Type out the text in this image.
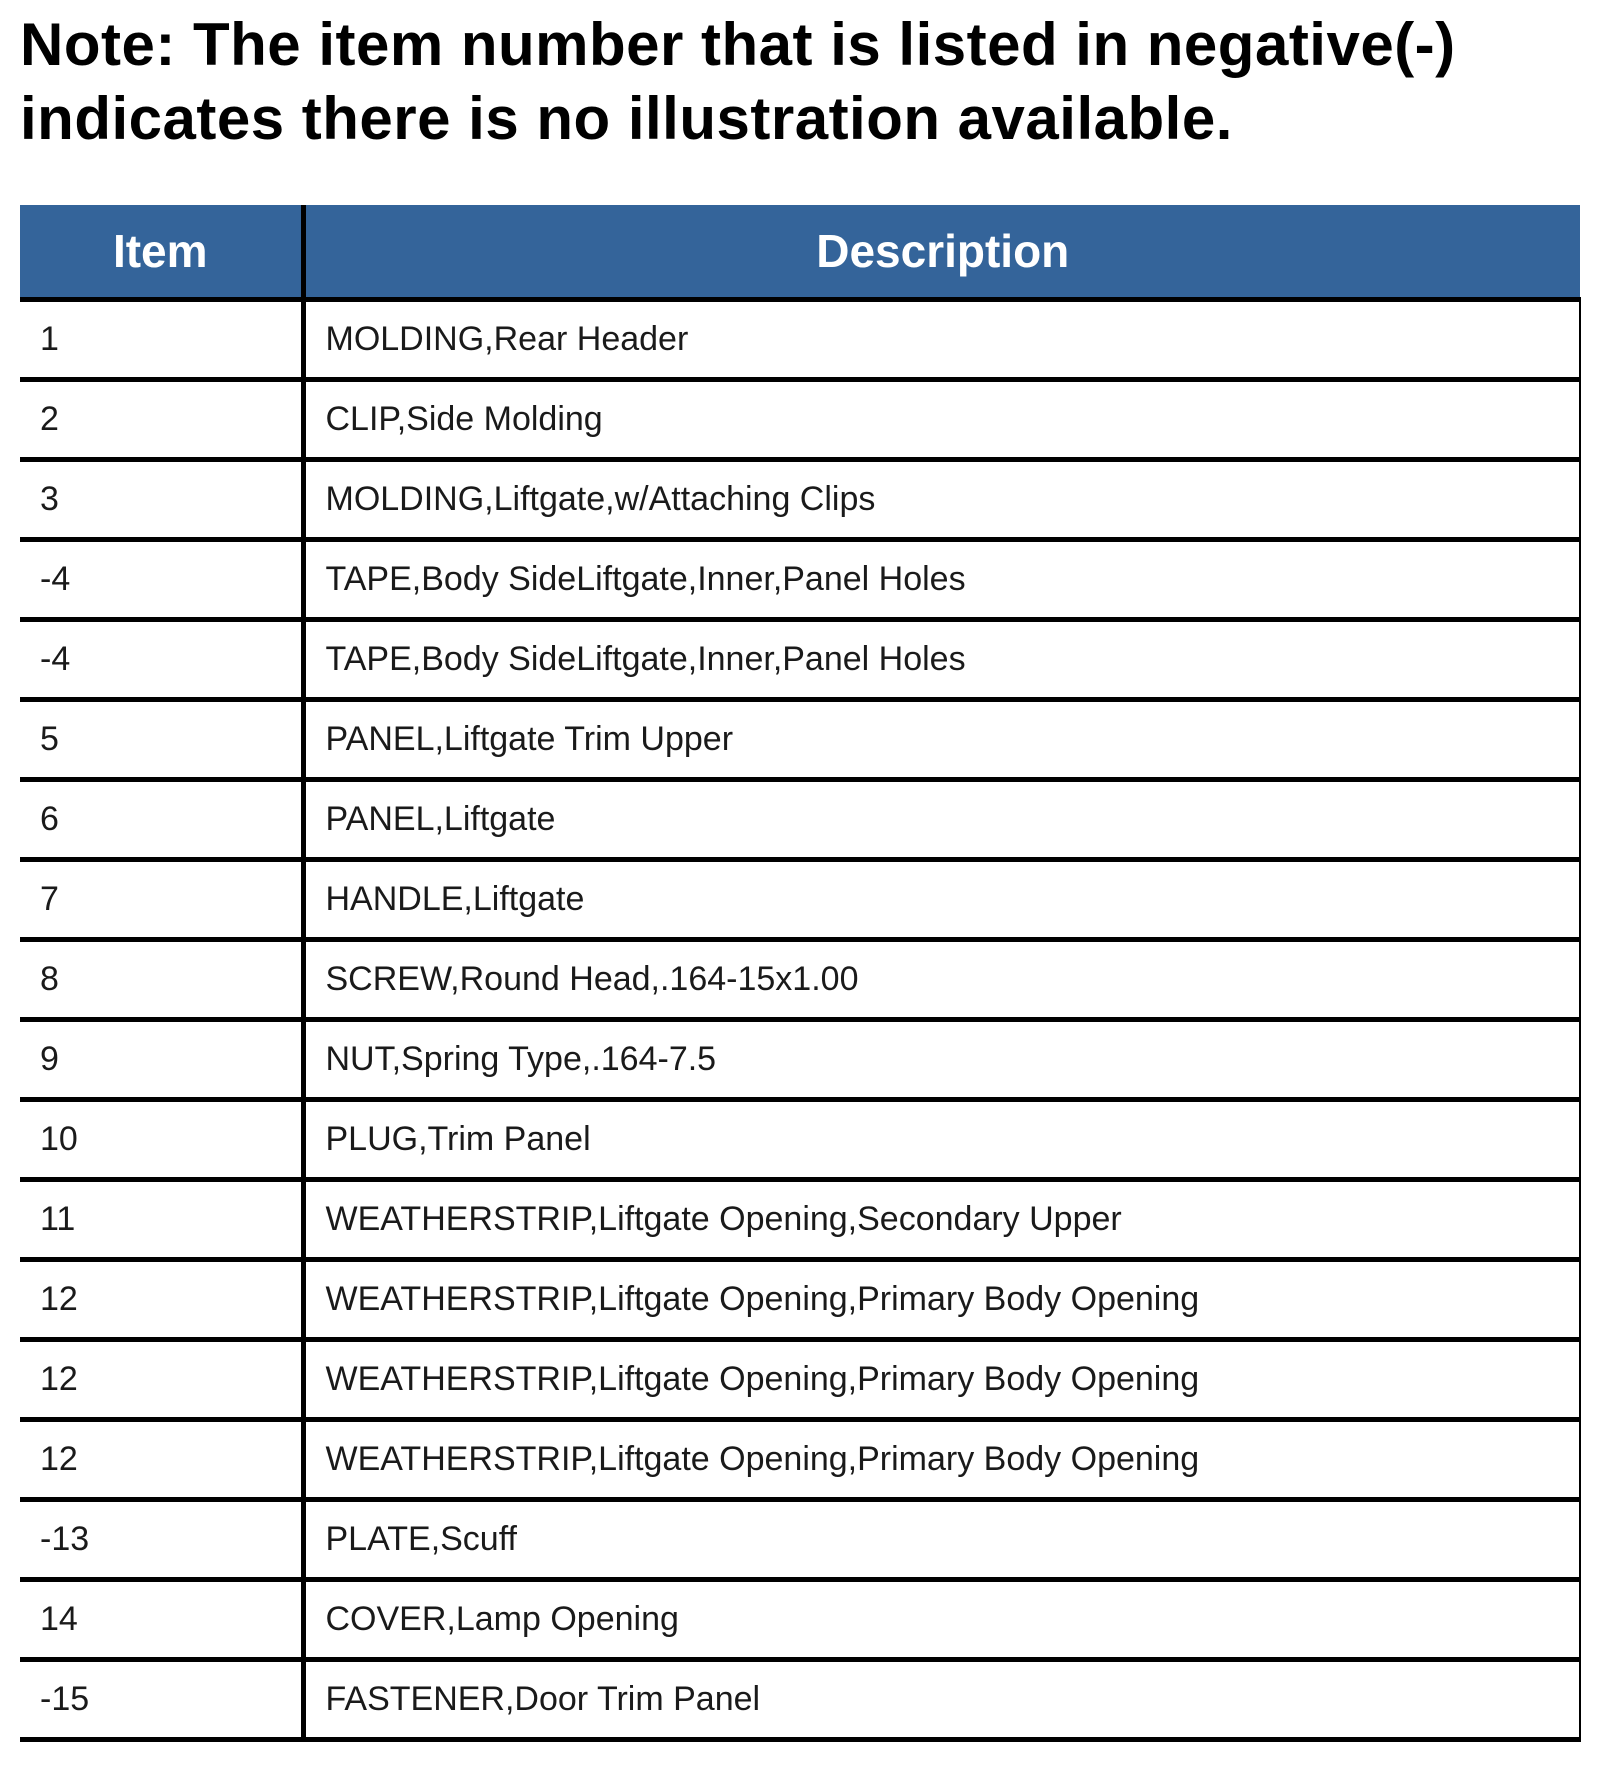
Note: The item number that is listed in negative(-) indicates there is no illustration available.

Item	Description
1	MOLDING,Rear Header
2	CLIP,Side Molding
3	MOLDING,Liftgate,w/Attaching Clips
-4	TAPE,Body SideLiftgate,Inner,Panel Holes
-4	TAPE,Body SideLiftgate,Inner,Panel Holes
5	PANEL,Liftgate Trim Upper
6	PANEL,Liftgate
7	HANDLE,Liftgate
8	SCREW,Round Head,.164-15x1.00
9	NUT,Spring Type,.164-7.5
10	PLUG,Trim Panel
11	WEATHERSTRIP,Liftgate Opening,Secondary Upper
12	WEATHERSTRIP,Liftgate Opening,Primary Body Opening
12	WEATHERSTRIP,Liftgate Opening,Primary Body Opening
12	WEATHERSTRIP,Liftgate Opening,Primary Body Opening
-13	PLATE,Scuff
14	COVER,Lamp Opening
-15	FASTENER,Door Trim Panel
